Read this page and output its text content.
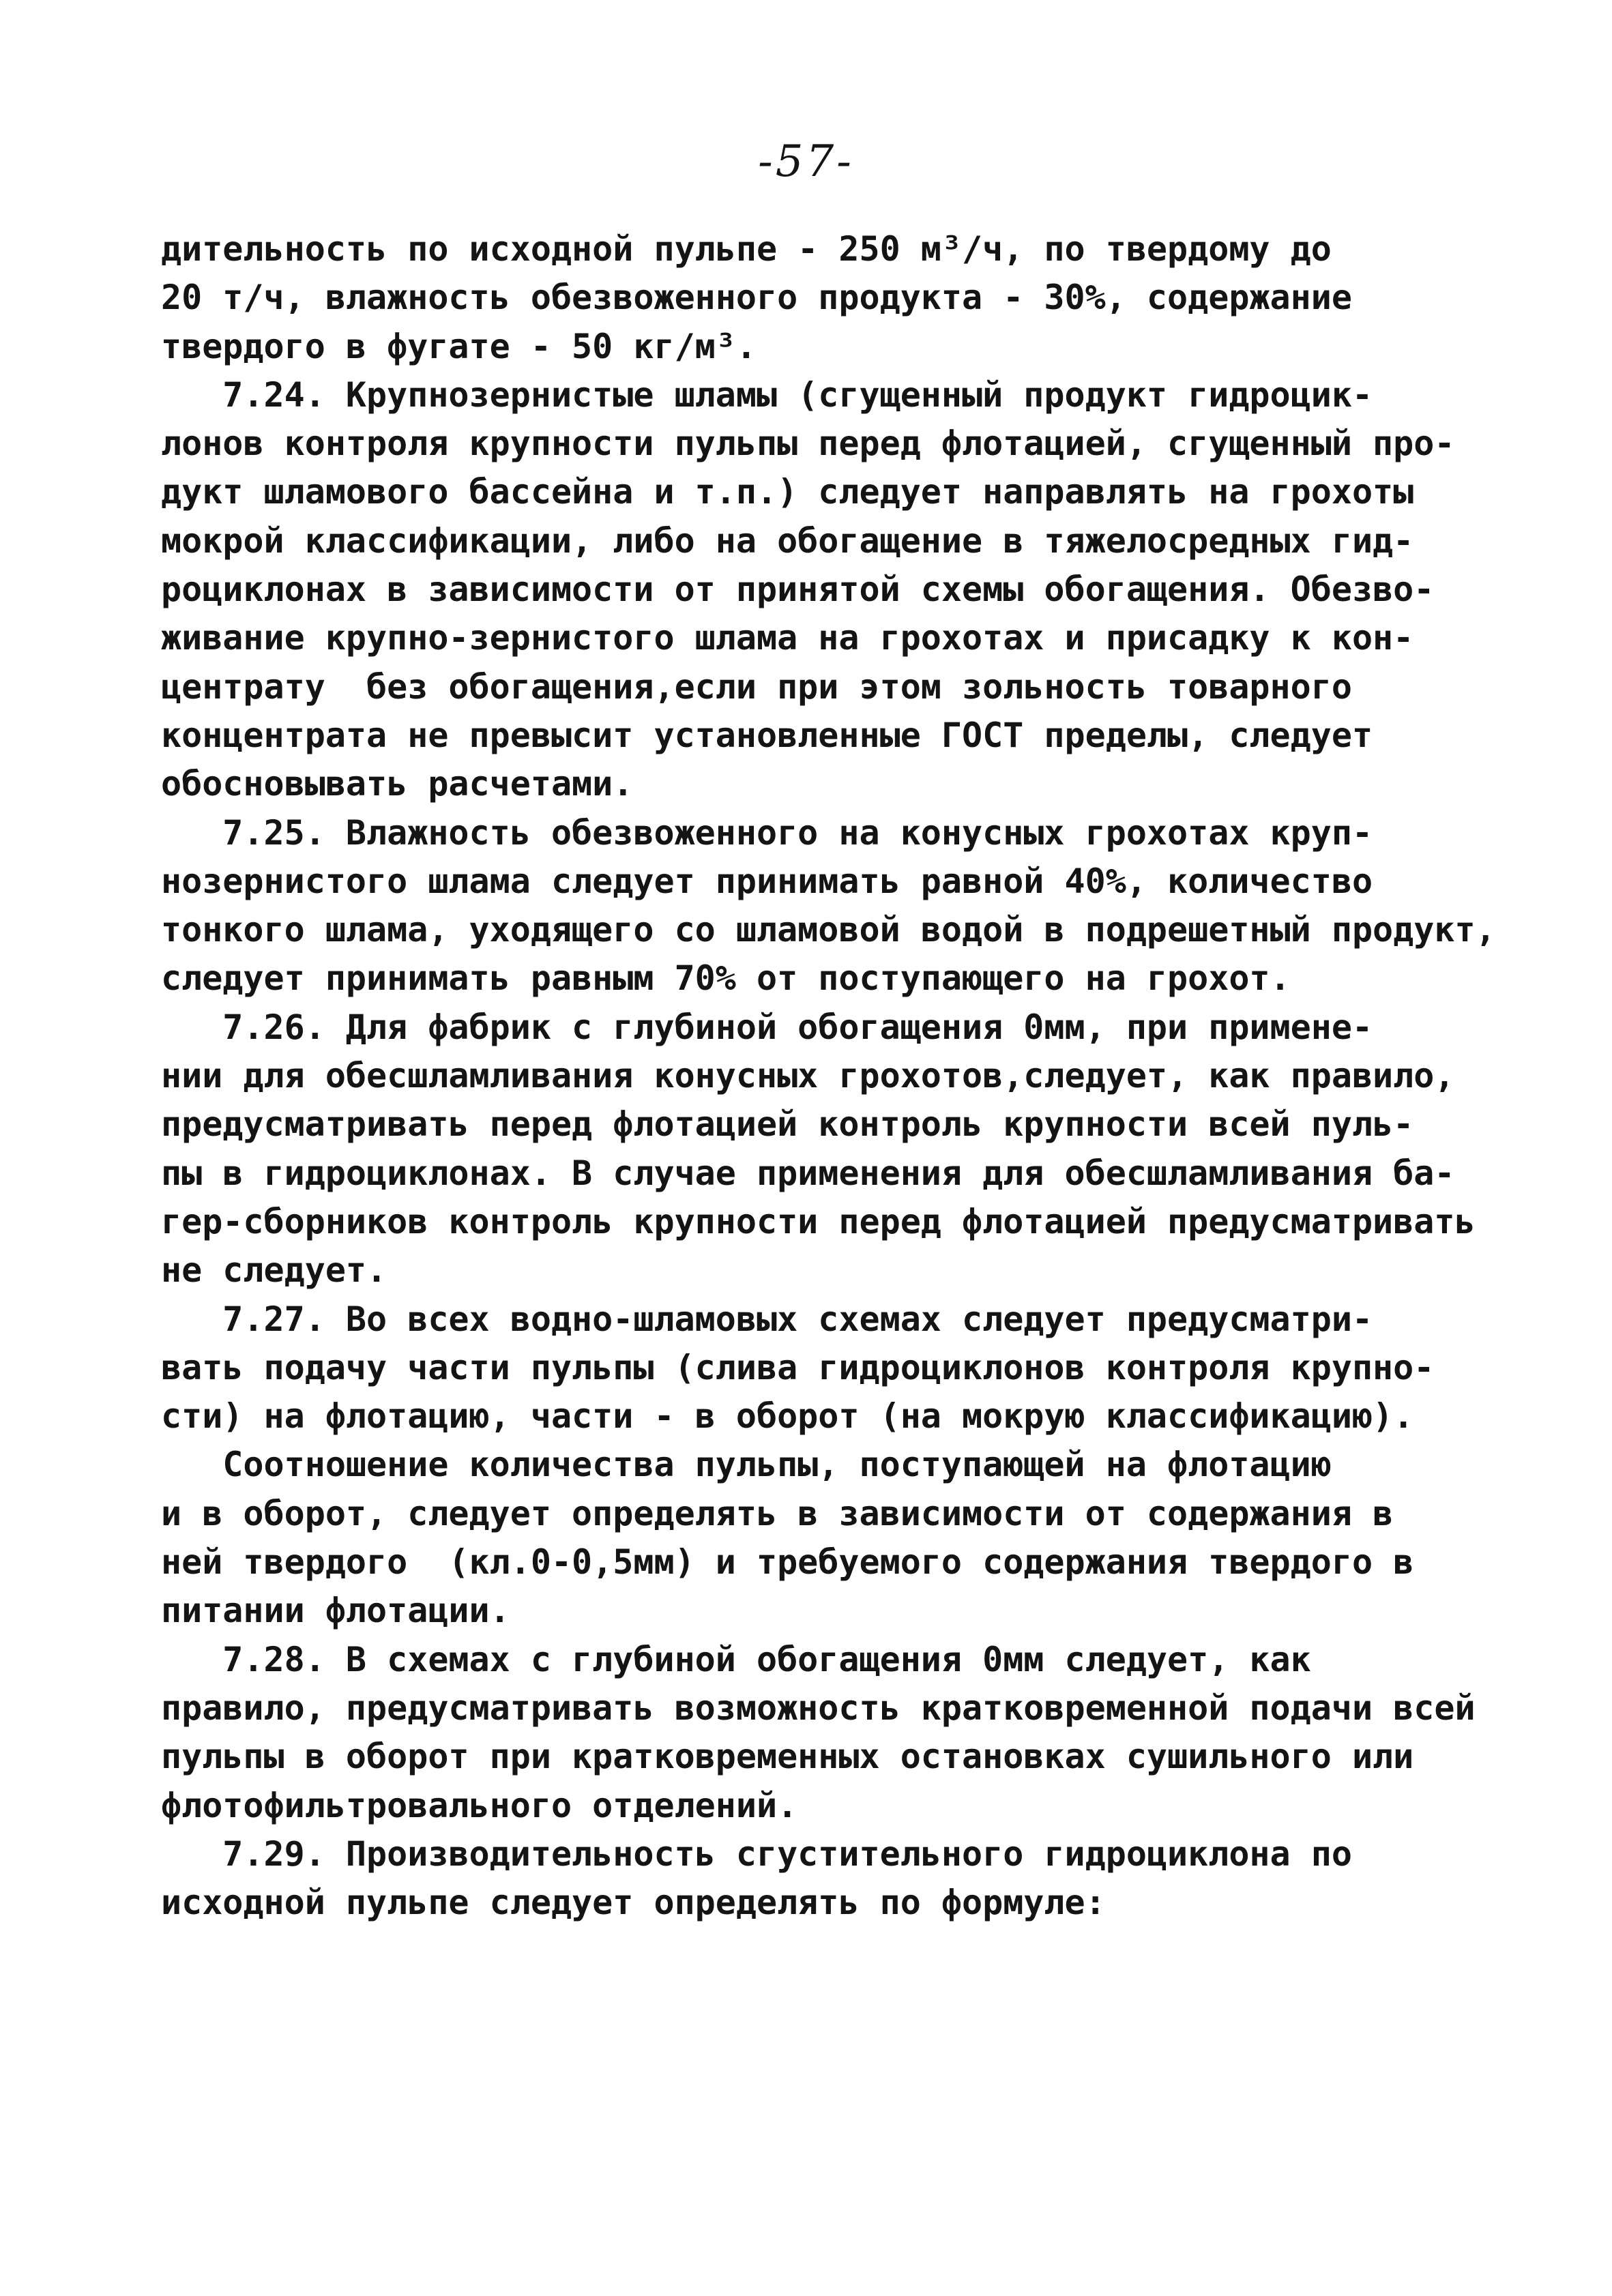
-57-
дительность по исходной пульпе - 250 м³/ч, по твердому до
20 т/ч, влажность обезвоженного продукта - 30%, содержание
твердого в фугате - 50 кг/м³.
7.24. Крупнозернистые шламы (сгущенный продукт гидроцик-
лонов контроля крупности пульпы перед флотацией, сгущенный про-
дукт шламового бассейна и т.п.) следует направлять на грохоты
мокрой классификации, либо на обогащение в тяжелосредных гид-
роциклонах в зависимости от принятой схемы обогащения. Обезво-
живание крупно-зернистого шлама на грохотах и присадку к кон-
центрату  без обогащения,если при этом зольность товарного
концентрата не превысит установленные ГОСТ пределы, следует
обосновывать расчетами.
7.25. Влажность обезвоженного на конусных грохотах круп-
нозернистого шлама следует принимать равной 40%, количество
тонкого шлама, уходящего со шламовой водой в подрешетный продукт,
следует принимать равным 70% от поступающего на грохот.
7.26. Для фабрик с глубиной обогащения 0мм, при примене-
нии для обесшламливания конусных грохотов,следует, как правило,
предусматривать перед флотацией контроль крупности всей пуль-
пы в гидроциклонах. В случае применения для обесшламливания ба-
гер-сборников контроль крупности перед флотацией предусматривать
не следует.
7.27. Во всех водно-шламовых схемах следует предусматри-
вать подачу части пульпы (слива гидроциклонов контроля крупно-
сти) на флотацию, части - в оборот (на мокрую классификацию).
Соотношение количества пульпы, поступающей на флотацию
и в оборот, следует определять в зависимости от содержания в
ней твердого  (кл.0-0,5мм) и требуемого содержания твердого в
питании флотации.
7.28. В схемах с глубиной обогащения 0мм следует, как
правило, предусматривать возможность кратковременной подачи всей
пульпы в оборот при кратковременных остановках сушильного или
флотофильтровального отделений.
7.29. Производительность сгустительного гидроциклона по
исходной пульпе следует определять по формуле:
